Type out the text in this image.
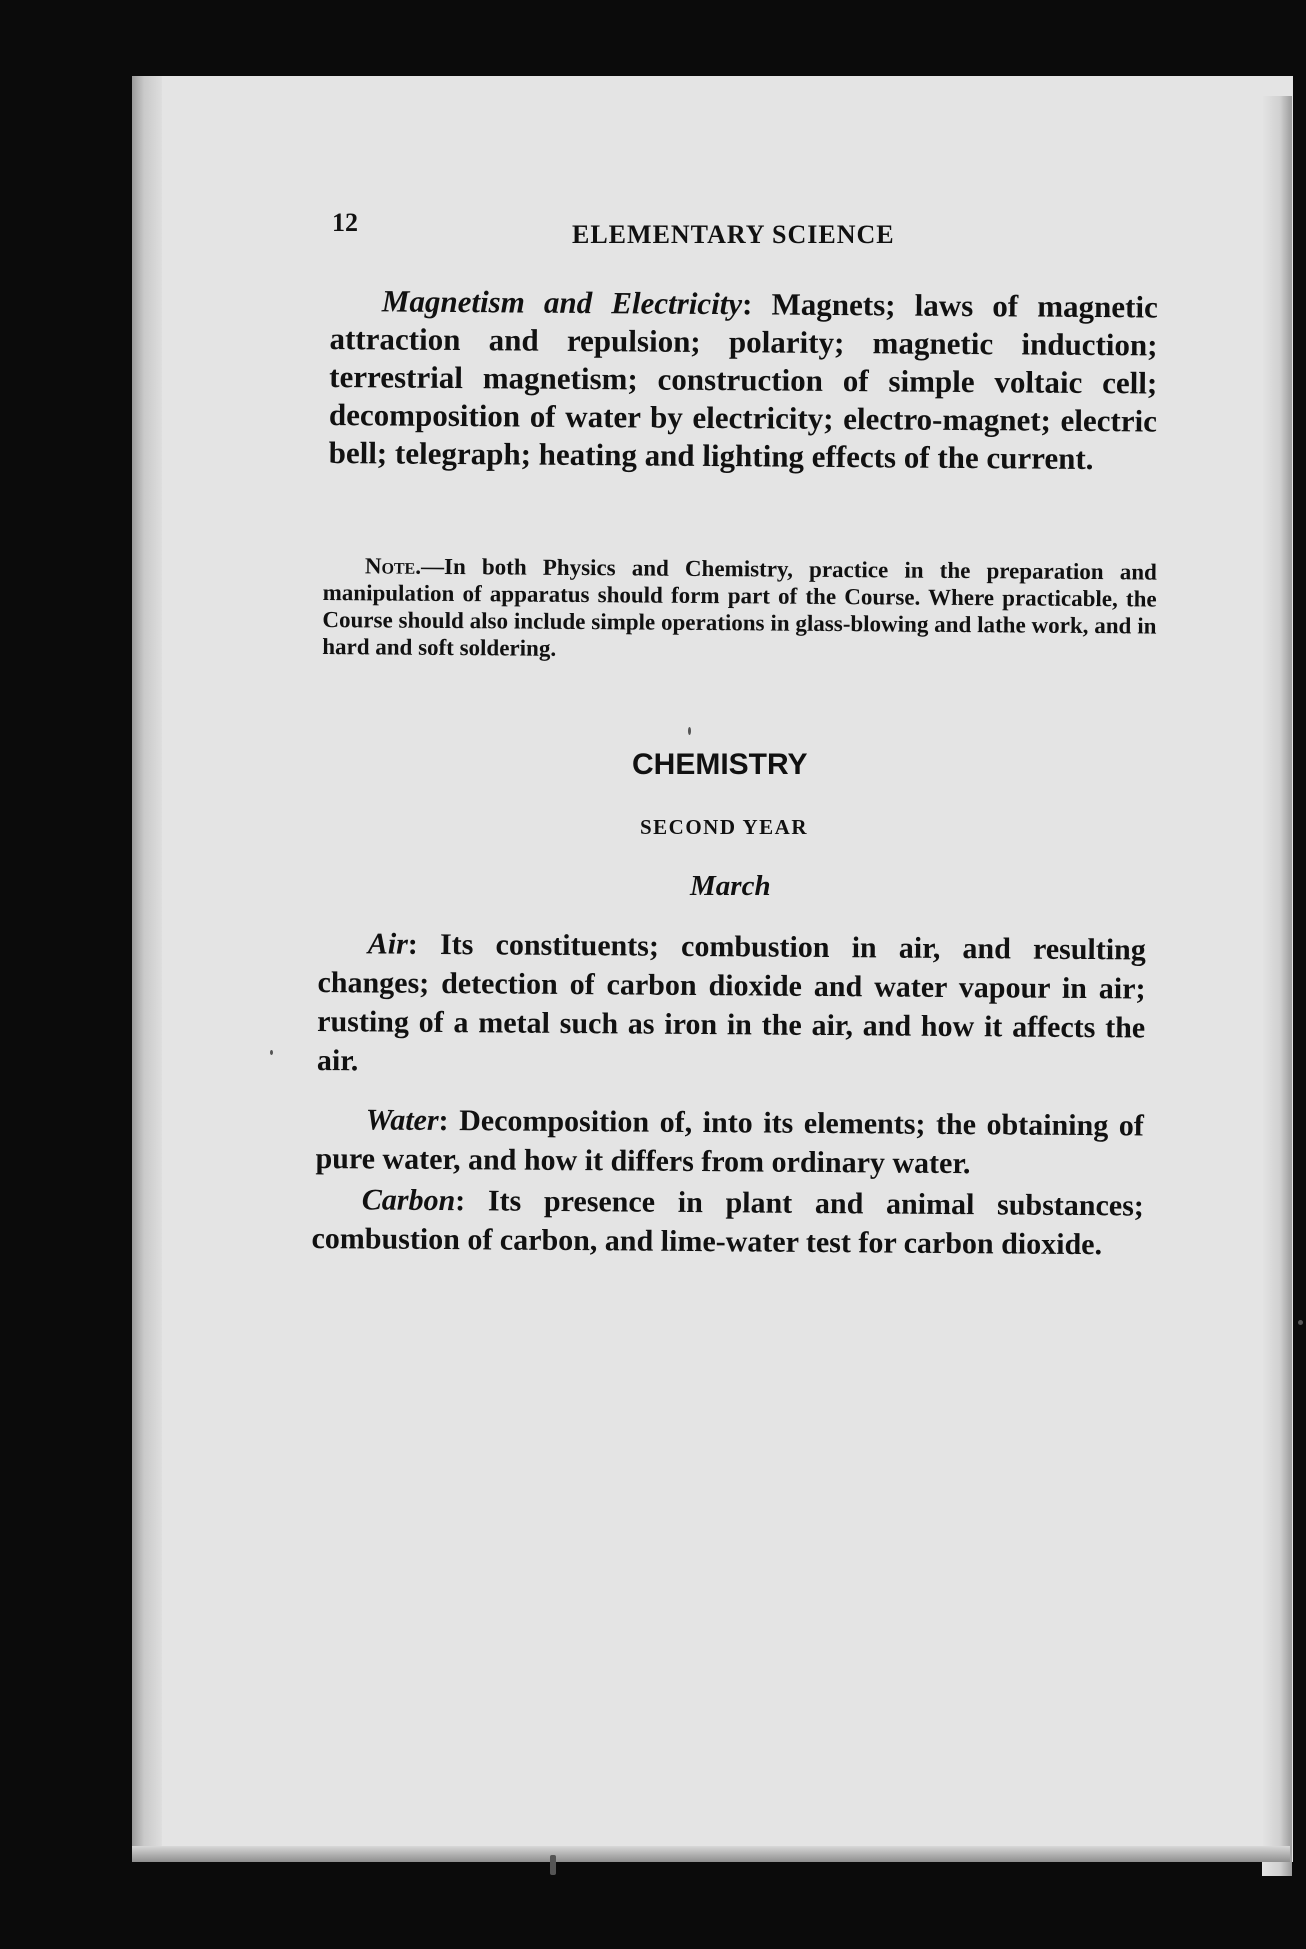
12	ELEMENTARY SCIENCE

Magnetism and Electricity: Magnets; laws of magnetic attraction and repulsion; polarity; magnetic induction; terrestrial magnetism; construction of simple voltaic cell; decomposition of water by electricity; electro-magnet; electric bell; telegraph; heating and lighting effects of the current.

Note.—In both Physics and Chemistry, practice in the preparation and manipulation of apparatus should form part of the Course. Where practicable, the Course should also include simple operations in glass-blowing and lathe work, and in hard and soft soldering.

CHEMISTRY
SECOND YEAR
March

Air: Its constituents; combustion in air, and resulting changes; detection of carbon dioxide and water vapour in air; rusting of a metal such as iron in the air, and how it affects the air.

Water: Decomposition of, into its elements; the obtaining of pure water, and how it differs from ordinary water.

Carbon: Its presence in plant and animal substances; combustion of carbon, and lime-water test for carbon dioxide.
